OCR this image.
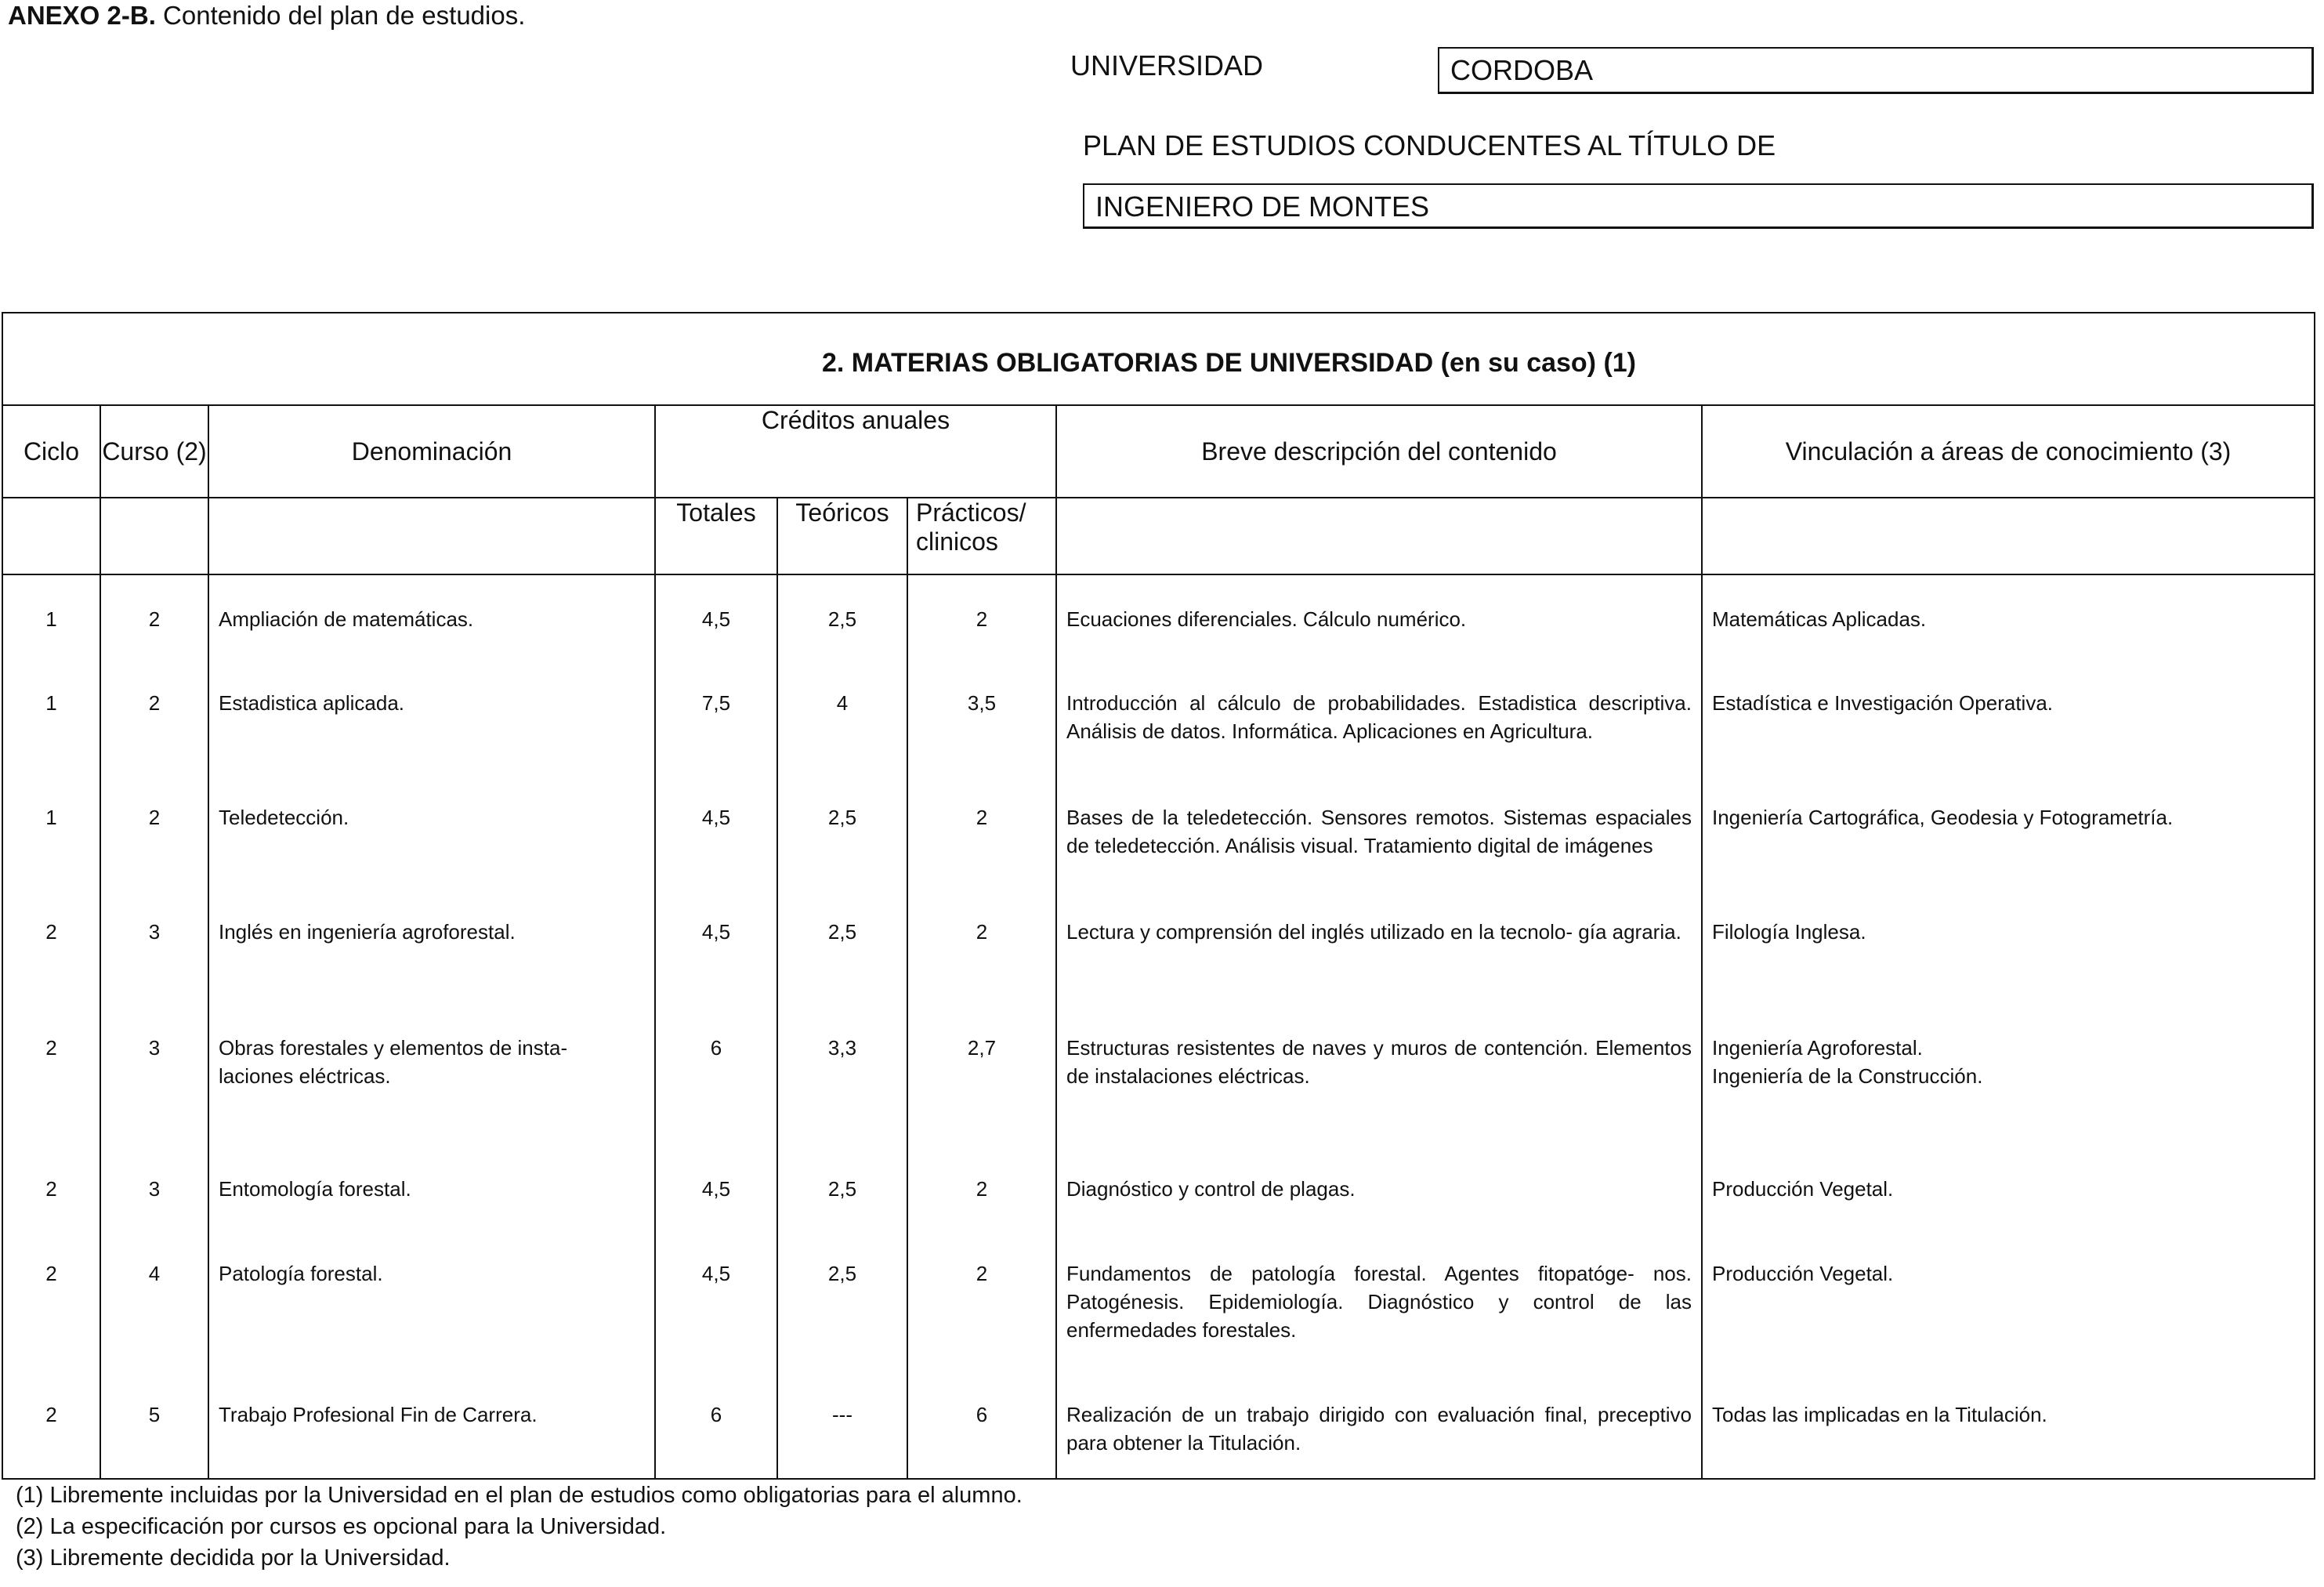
ANEXO 2-B. Contenido del plan de estudios.
UNIVERSIDAD	CORDOBA
PLAN DE ESTUDIOS CONDUCENTES AL TÍTULO DE
INGENIERO DE MONTES
2. MATERIAS OBLIGATORIAS DE UNIVERSIDAD (en su caso) (1)							
Ciclo	Curso (2)	Denominación	Créditos anuales			Breve descripción del contenido	Vinculación a áreas de conocimiento (3)
			Totales	Teóricos	Prácticos/ clinicos		
1	2	Ampliación de matemáticas.	4,5	2,5	2	Ecuaciones diferenciales. Cálculo numérico.	Matemáticas Aplicadas.
1	2	Estadistica aplicada.	7,5	4	3,5	Introducción al cálculo de probabilidades. Estadistica descriptiva. Análisis de datos. Informática. Aplicaciones en Agricultura.	Estadística e Investigación Operativa.
1	2	Teledetección.	4,5	2,5	2	Bases de la teledetección. Sensores remotos. Sistemas espaciales de teledetección. Análisis visual. Tratamiento digital de imágenes	Ingeniería Cartográfica, Geodesia y Fotogrametría.
2	3	Inglés en ingeniería agroforestal.	4,5	2,5	2	Lectura y comprensión del inglés utilizado en la tecnolo- gía agraria.	Filología Inglesa.
2	3	Obras forestales y elementos de insta- laciones eléctricas.	6	3,3	2,7	Estructuras resistentes de naves y muros de contención. Elementos de instalaciones eléctricas.	Ingeniería Agroforestal.
Ingeniería de la Construcción.
2	3	Entomología forestal.	4,5	2,5	2	Diagnóstico y control de plagas.	Producción Vegetal.
2	4	Patología forestal.	4,5	2,5	2	Fundamentos de patología forestal. Agentes fitopatóge- nos. Patogénesis. Epidemiología. Diagnóstico y control de las enfermedades forestales.	Producción Vegetal.
2	5	Trabajo Profesional Fin de Carrera.	6	---	6	Realización de un trabajo dirigido con evaluación final, preceptivo para obtener la Titulación.	Todas las implicadas en la Titulación.
(1) Libremente incluidas por la Universidad en el plan de estudios como obligatorias para el alumno.
(2) La especificación por cursos es opcional para la Universidad.
(3) Libremente decidida por la Universidad.
